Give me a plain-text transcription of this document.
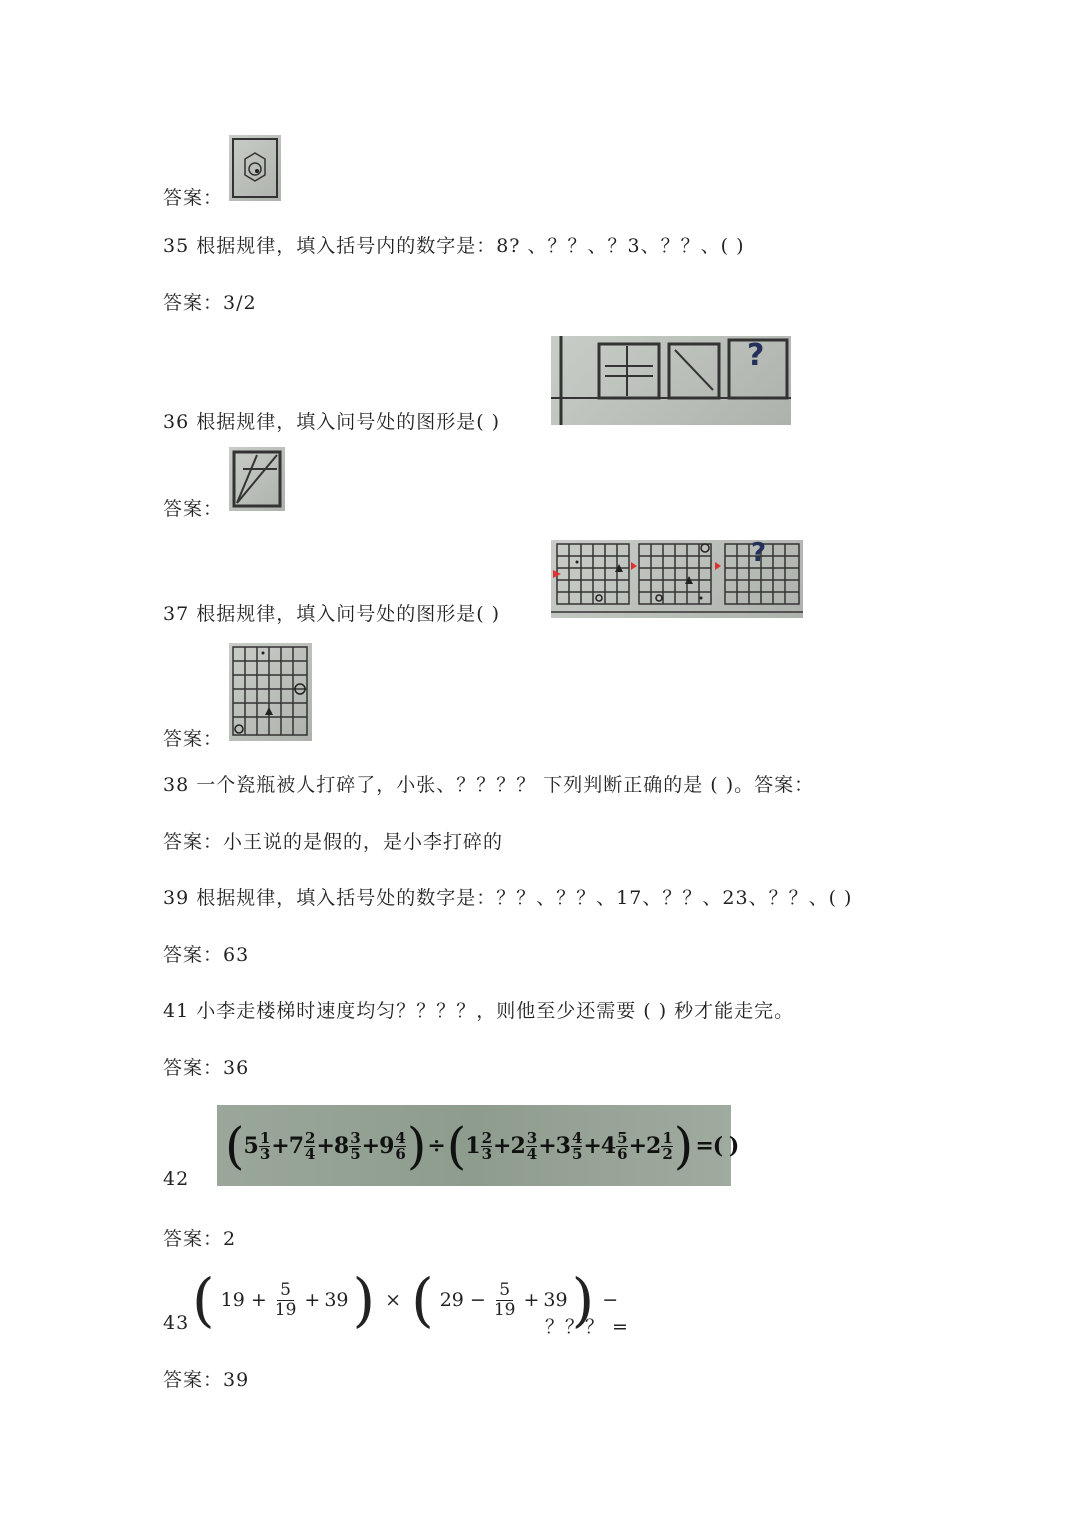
答案：
35 根据规律，填入括号内的数字是：8? 、？？、？3、？？、( )
答案：3/2
36 根据规律，填入问号处的图形是( )
?
答案：
37 根据规律，填入问号处的图形是( )
?
答案：
38 一个瓷瓶被人打碎了，小张、？？？？ 下列判断正确的是 ( )。答案：
答案：小王说的是假的，是小李打碎的
39 根据规律，填入括号处的数字是：？？、？？、17、？？、23、？？、( )
答案：63
41 小李走楼梯时速度均匀？？？？，则他至少还需要 ( ) 秒才能走完。
答案：36
42
( 5 1
3 + 7 2
4 + 8 3
5 + 9 4
6 ) ÷ ( 1 2
3 + 2 3
4 + 3 4
5 + 4 5
6 + 2 1
2 ) =( )
答案：2
43 ( $19 + \frac{5}{19} + 39$ ) × ( $29 - \frac{5}{19} + 39$ ) −
？？？ =
答案：39
